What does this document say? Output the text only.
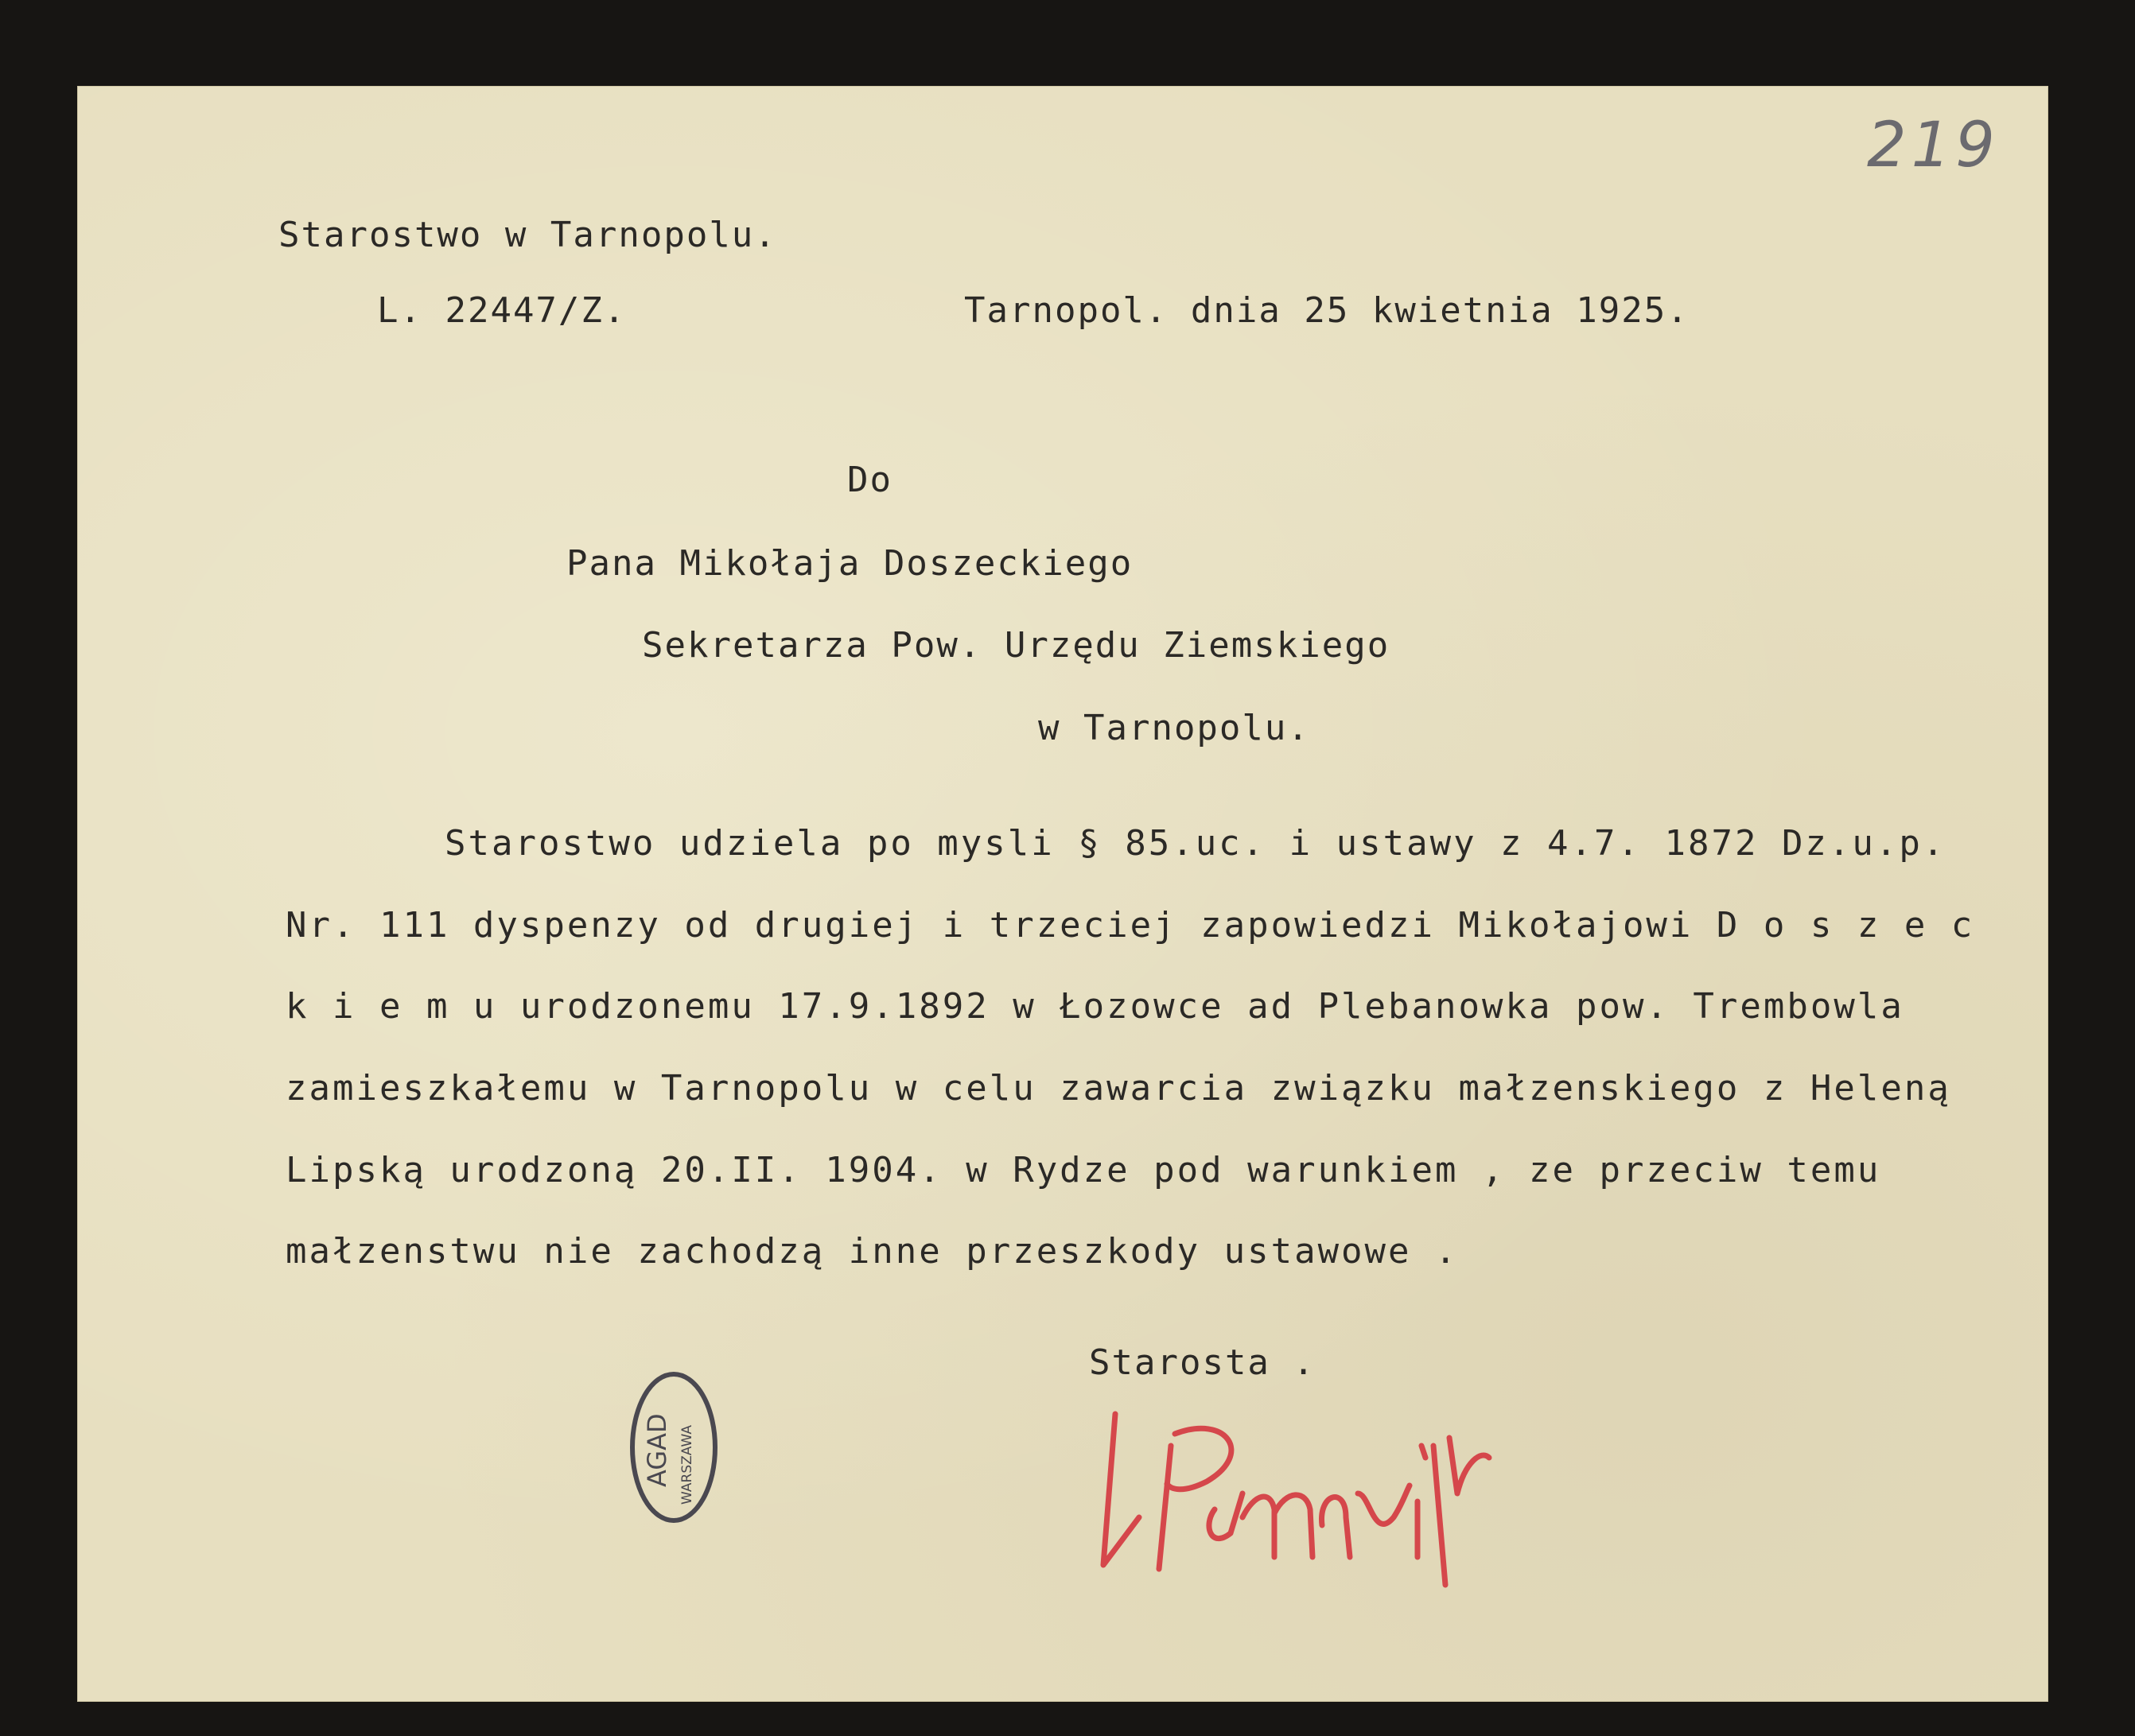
219
Starostwo w Tarnopolu.
L. 22447/Z.	Tarnopol. dnia 25 kwietnia 1925.
Do
Pana Mikołaja Doszeckiego
Sekretarza Pow. Urzędu Ziemskiego
w Tarnopolu.
Starostwo udziela po mysli § 85.uc. i ustawy z 4.7. 1872 Dz.u.p.
Nr. 111 dyspenzy od drugiej i trzeciej zapowiedzi Mikołajowi D o s z e c
k i e m u urodzonemu 17.9.1892 w Łozowce ad Plebanowka pow. Trembowla
zamieszkałemu w Tarnopolu w celu zawarcia związku małzenskiego z Heleną
Lipską urodzoną 20.II. 1904. w Rydze pod warunkiem , ze przeciw temu
małzenstwu nie zachodzą inne przeszkody ustawowe .
Starosta .
AGAD WARSZAWA
